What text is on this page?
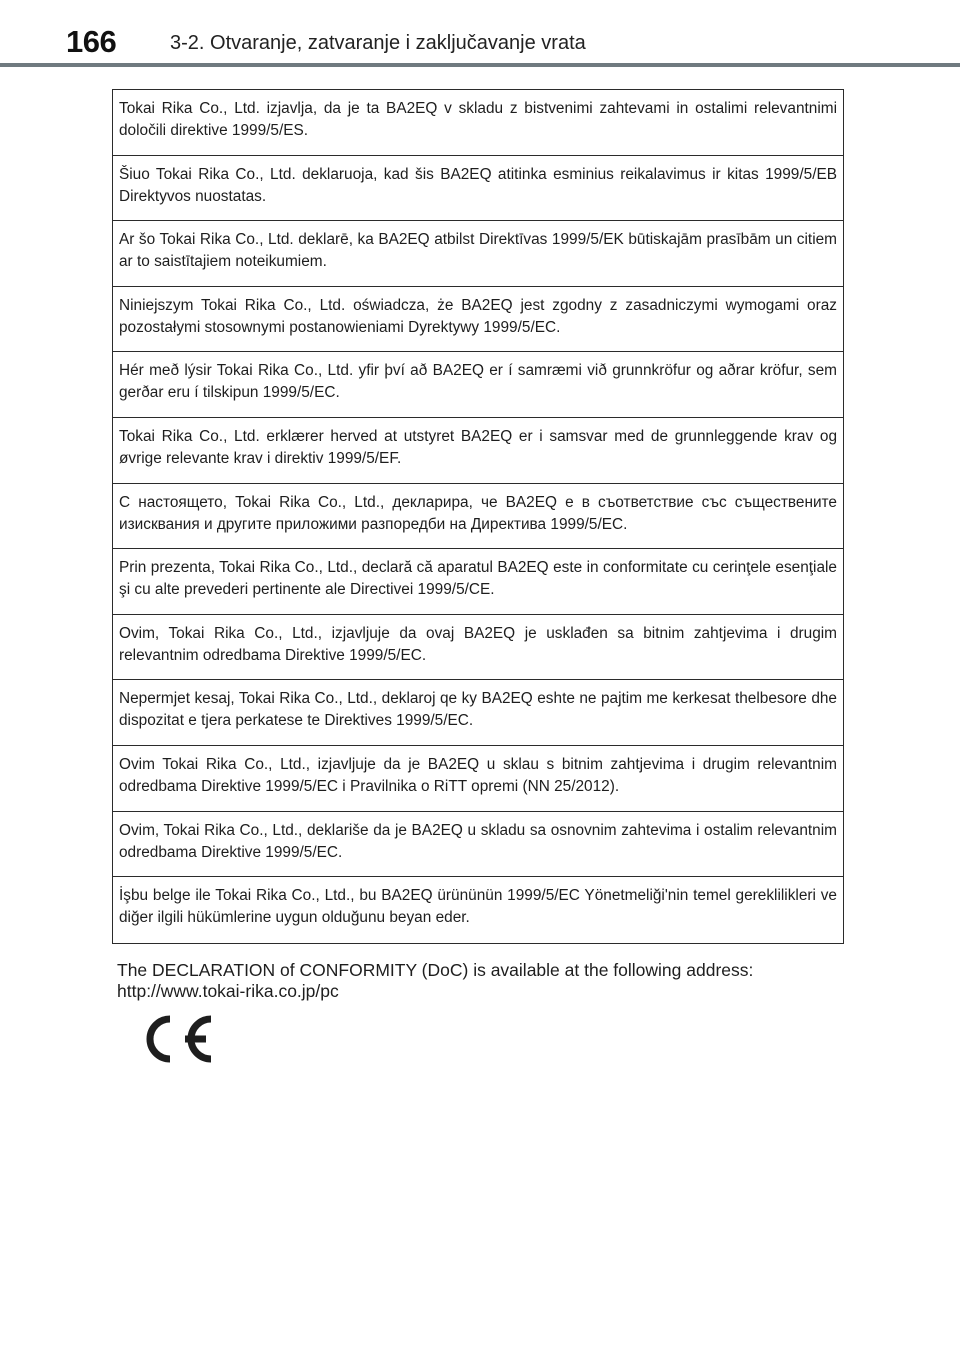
166	3-2. Otvaranje, zatvaranje i zaključavanje vrata
Tokai Rika Co., Ltd. izjavlja, da je ta BA2EQ v skladu z bistvenimi zahtevami in ostalimi relevantnimi določili direktive 1999/5/ES.
Šiuo Tokai Rika Co., Ltd. deklaruoja, kad šis BA2EQ atitinka esminius reikalavimus ir kitas 1999/5/EB Direktyvos nuostatas.
Ar šo Tokai Rika Co., Ltd. deklarē, ka BA2EQ atbilst Direktīvas 1999/5/EK būtiskajām prasībām un citiem ar to saistītajiem noteikumiem.
Niniejszym Tokai Rika Co., Ltd. oświadcza, że BA2EQ jest zgodny z zasadniczymi wymogami oraz pozostałymi stosownymi postanowieniami Dyrektywy 1999/5/EC.
Hér með lýsir Tokai Rika Co., Ltd. yfir því að BA2EQ er í samræmi við grunnkröfur og aðrar kröfur, sem gerðar eru í tilskipun 1999/5/EC.
Tokai Rika Co., Ltd. erklærer herved at utstyret BA2EQ er i samsvar med de grunnleggende krav og øvrige relevante krav i direktiv 1999/5/EF.
С настоящето, Tokai Rika Co., Ltd., декларира, че BA2EQ е в съответствие със съществените изисквания и другите приложими разпоредби на Директива 1999/5/ЕС.
Prin prezenta, Tokai Rika Co., Ltd., declară că aparatul BA2EQ este in conformitate cu cerinţele esenţiale şi cu alte prevederi pertinente ale Directivei 1999/5/CE.
Ovim, Tokai Rika Co., Ltd., izjavljuje da ovaj BA2EQ je usklađen sa bitnim zahtjevima i drugim relevantnim odredbama Direktive 1999/5/EC.
Nepermjet kesaj, Tokai Rika Co., Ltd., deklaroj qe ky BA2EQ eshte ne pajtim me kerkesat thelbesore dhe dispozitat e tjera perkatese te Direktives 1999/5/EC.
Ovim Tokai Rika Co., Ltd., izjavljuje da je BA2EQ u sklau s bitnim zahtjevima i drugim relevantnim odredbama Direktive 1999/5/EC i Pravilnika o RiTT opremi (NN 25/2012).
Ovim, Tokai Rika Co., Ltd., deklariše da je BA2EQ u skladu sa osnovnim zahtevima i ostalim relevantnim odredbama Direktive 1999/5/EC.
İşbu belge ile Tokai Rika Co., Ltd., bu BA2EQ ürününün 1999/5/EC Yönetmeliği'nin temel gereklilikleri ve diğer ilgili hükümlerine uygun olduğunu beyan eder.
The DECLARATION of CONFORMITY (DoC) is available at the following address:
http://www.tokai-rika.co.jp/pc
